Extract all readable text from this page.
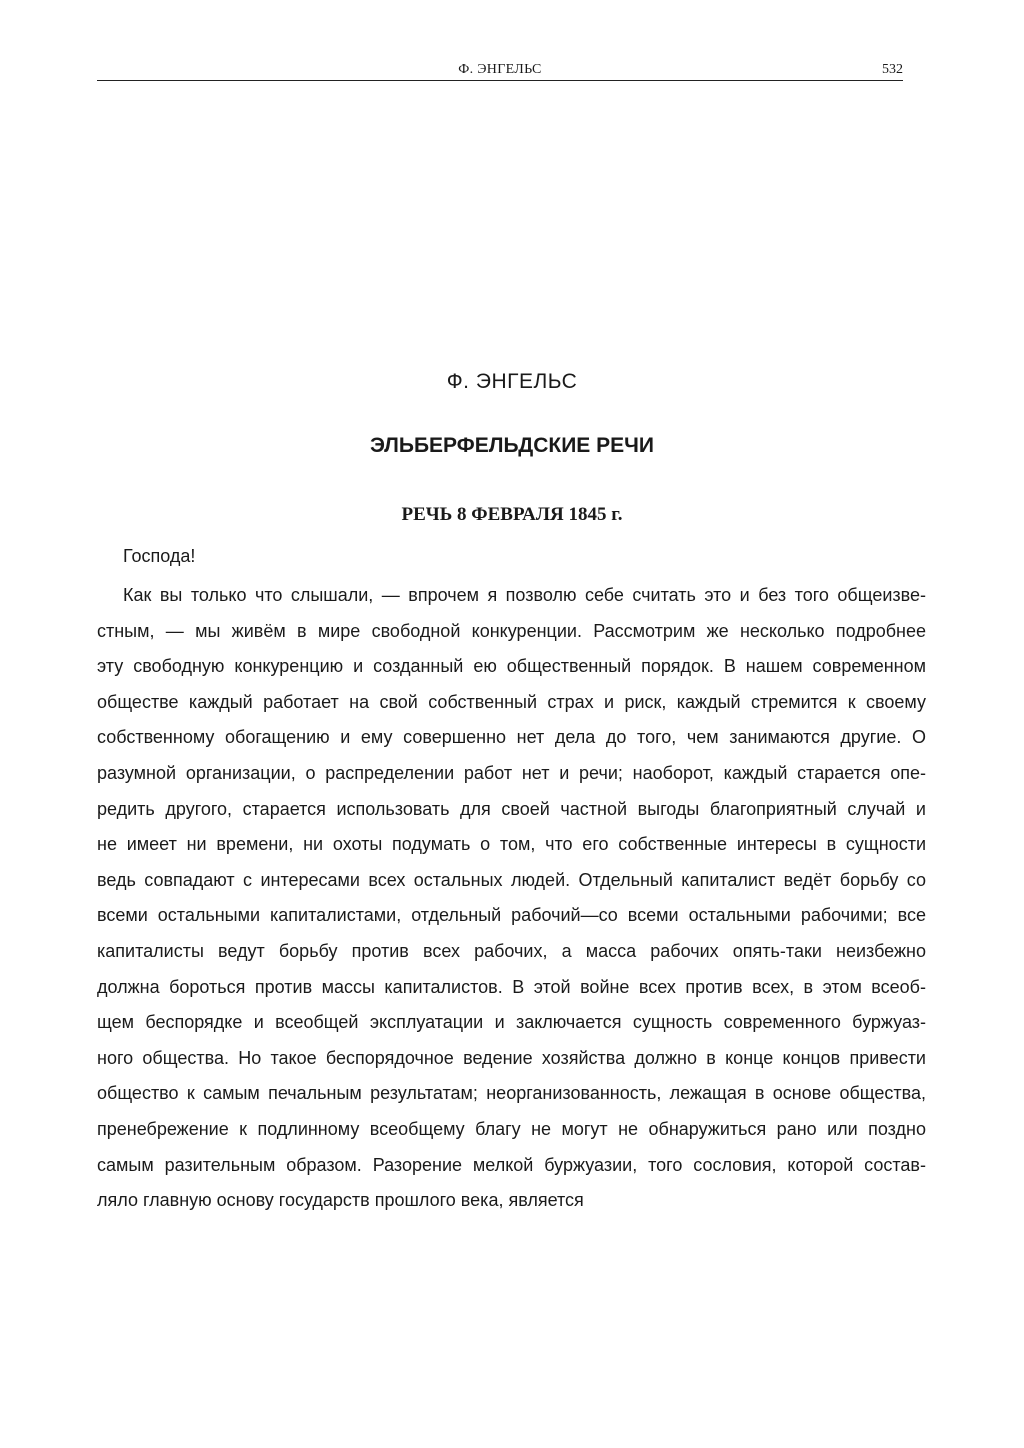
Ф. ЭНГЕЛЬС	532
Ф. ЭНГЕЛЬС
ЭЛЬБЕРФЕЛЬДСКИЕ РЕЧИ
РЕЧЬ 8 ФЕВРАЛЯ 1845 г.
Господа!
Как вы только что слышали, — впрочем я позволю себе считать это и без того общеизве-
стным, — мы живём в мире свободной конкуренции. Рассмотрим же несколько подробнее
эту свободную конкуренцию и созданный ею общественный порядок. В нашем современном
обществе каждый работает на свой собственный страх и риск, каждый стремится к своему
собственному обогащению и ему совершенно нет дела до того, чем занимаются другие. О
разумной организации, о распределении работ нет и речи; наоборот, каждый старается опе-
редить другого, старается использовать для своей частной выгоды благоприятный случай и
не имеет ни времени, ни охоты подумать о том, что его собственные интересы в сущности
ведь совпадают с интересами всех остальных людей. Отдельный капиталист ведёт борьбу со
всеми остальными капиталистами, отдельный рабочий—со всеми остальными рабочими; все
капиталисты ведут борьбу против всех рабочих, а масса рабочих опять-таки неизбежно
должна бороться против массы капиталистов. В этой войне всех против всех, в этом всеоб-
щем беспорядке и всеобщей эксплуатации и заключается сущность современного буржуаз-
ного общества. Но такое беспорядочное ведение хозяйства должно в конце концов привести
общество к самым печальным результатам; неорганизованность, лежащая в основе общества,
пренебрежение к подлинному всеобщему благу не могут не обнаружиться рано или поздно
самым разительным образом. Разорение мелкой буржуазии, того сословия, которой состав-
ляло главную основу государств прошлого века, является
